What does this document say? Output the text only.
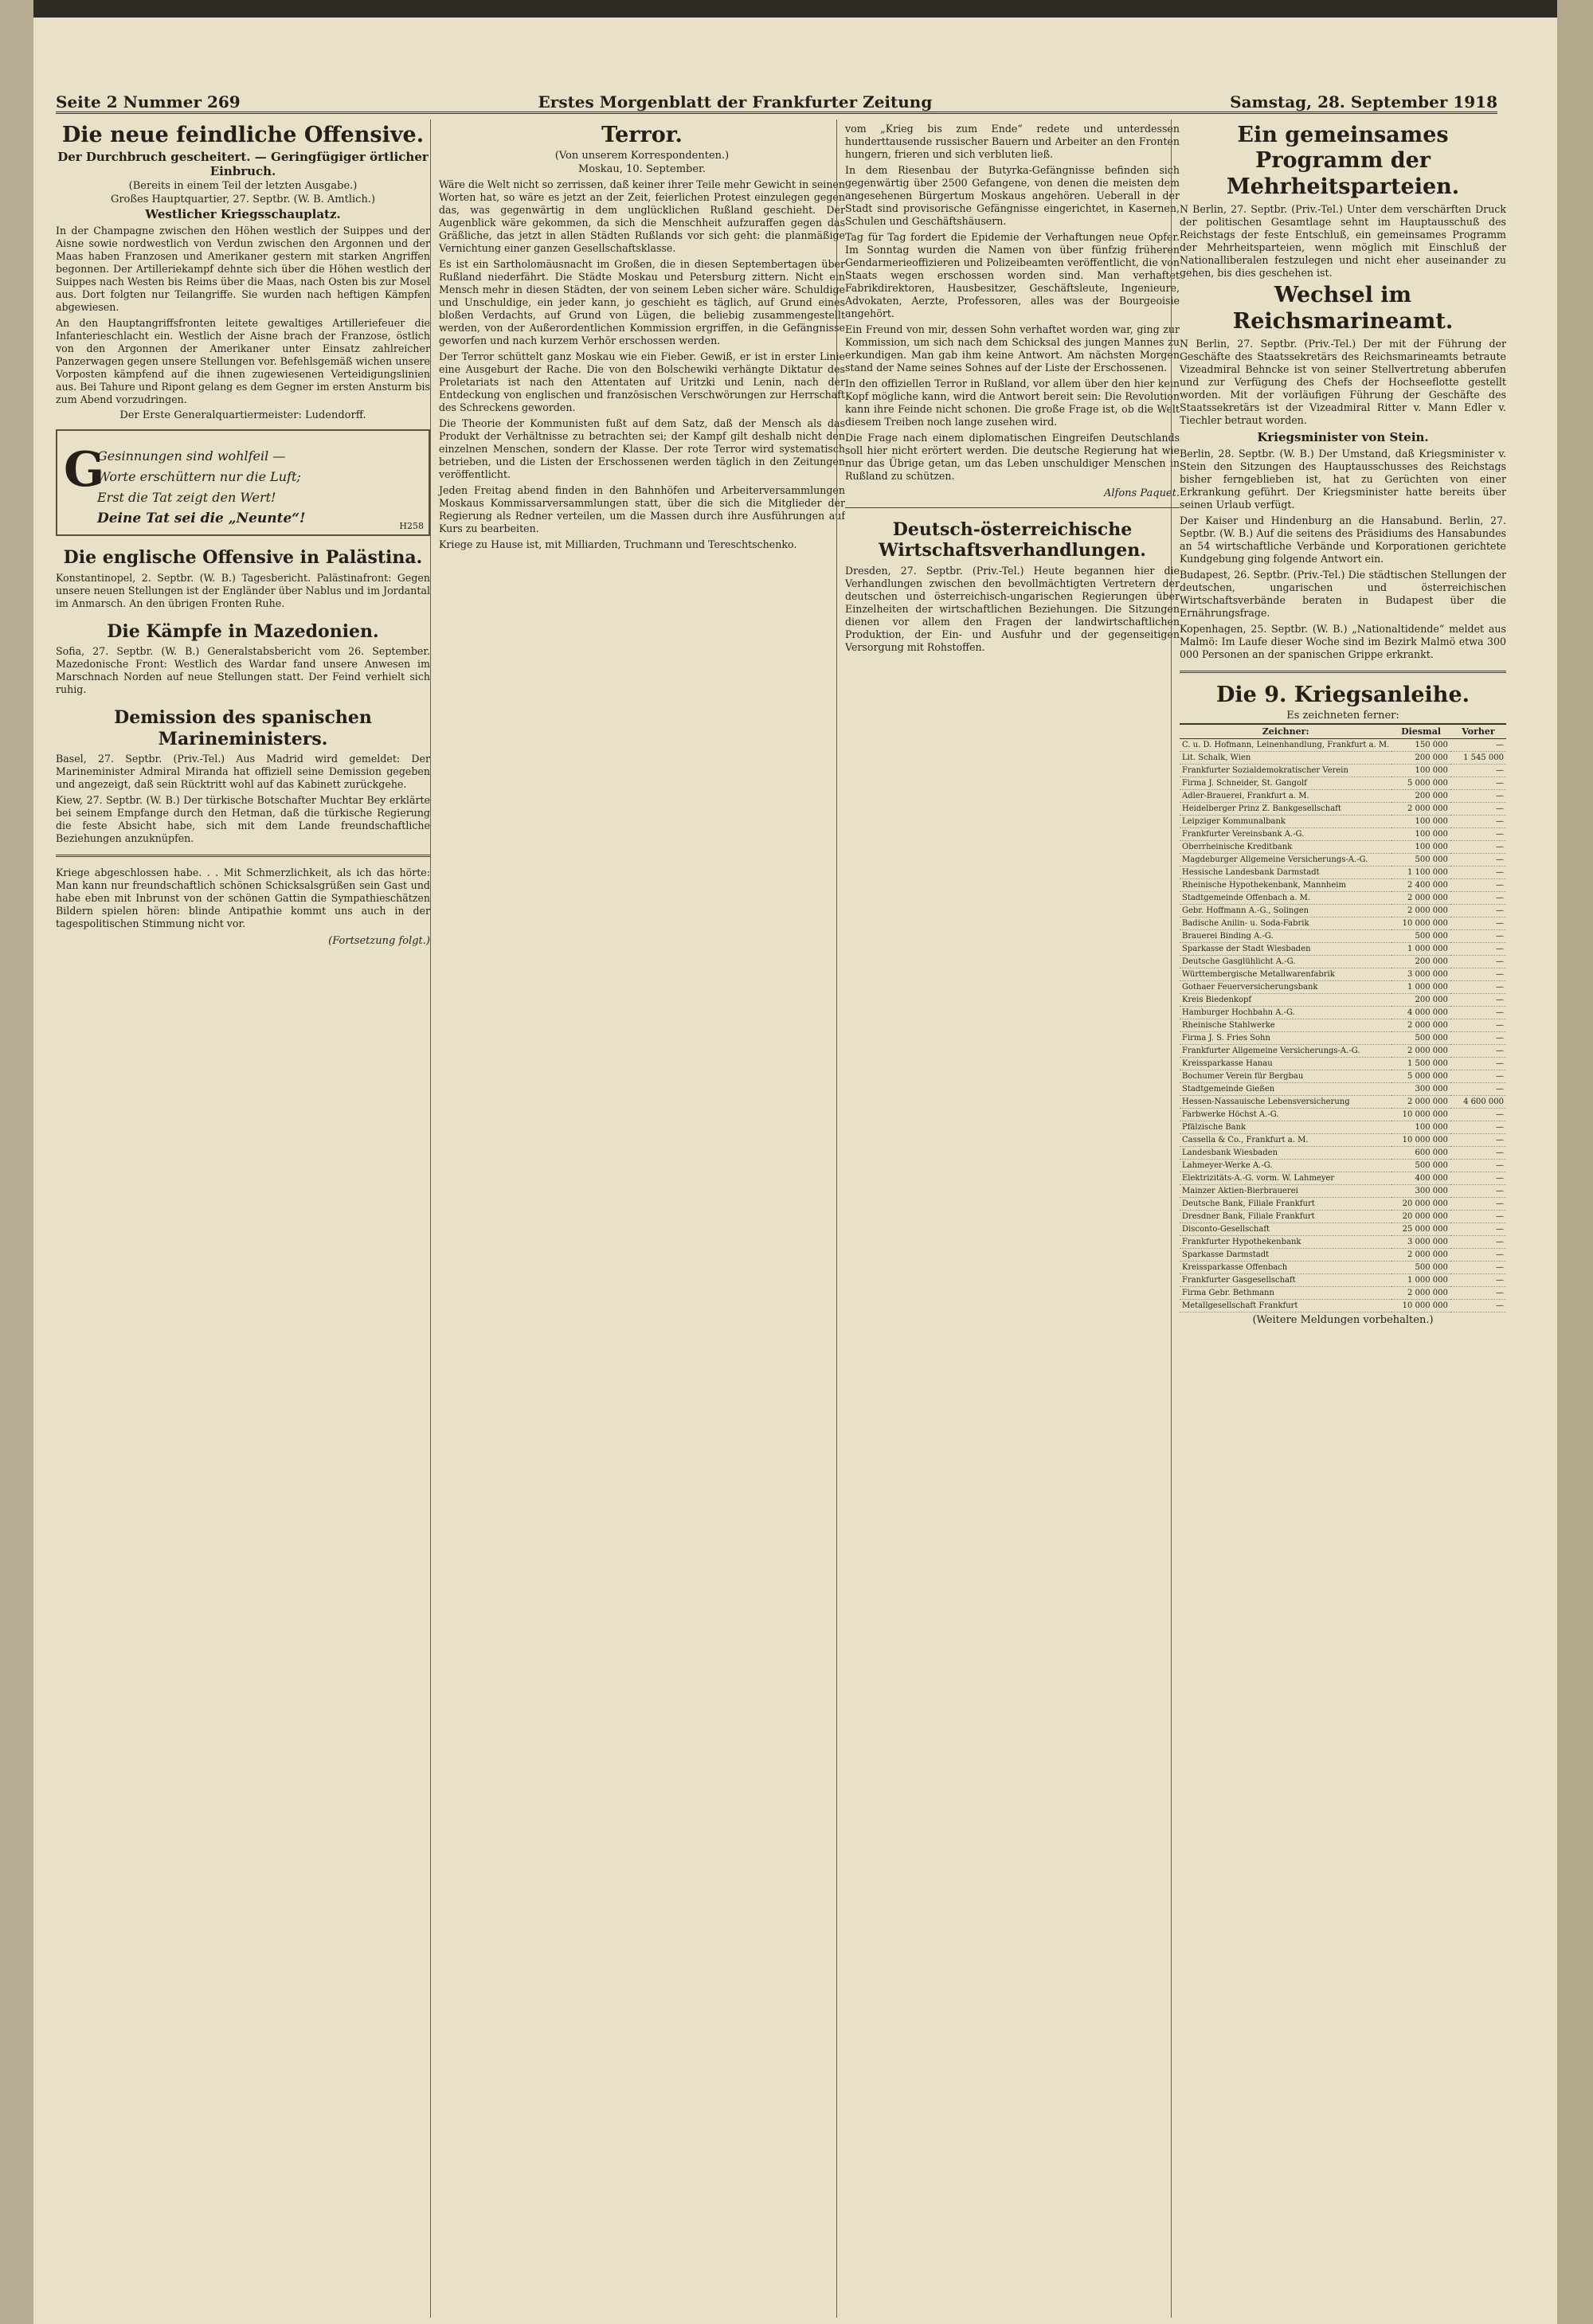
Seite 2 Nummer 269	Erstes Morgenblatt der Frankfurter Zeitung	Samstag, 28. September 1918
Die neue feindliche Offensive.
Der Durchbruch gescheitert. — Geringfügiger örtlicher Einbruch.
(Bereits in einem Teil der letzten Ausgabe.)
Großes Hauptquartier, 27. Septbr. (W. B. Amtlich.)
Westlicher Kriegsschauplatz.

In der Champagne zwischen den Höhen westlich der Suippes und der Aisne sowie nordwestlich von Verdun zwischen den Argonnen und der Maas haben Franzosen und Amerikaner gestern mit starken Angriffen begonnen. Der Artilleriekampf dehnte sich über die Höhen westlich der Suippes nach Westen bis Reims über die Maas, nach Osten bis zur Mosel aus. Dort folgten nur Teilangriffe. Sie wurden nach heftigen Kämpfen abgewiesen.

An den Hauptangriffsfronten leitete gewaltiges Artilleriefeuer die Infanterieschlacht ein. Westlich der Aisne brach der Franzose, östlich von den Argonnen der Amerikaner unter Einsatz zahlreicher Panzerwagen gegen unsere Stellungen vor. Befehlsgemäß wichen unsere Vorposten kämpfend auf die ihnen zugewiesenen Verteidigungslinien aus. Bei Tahure und Ripont gelang es dem Gegner im ersten Ansturm bis zum Abend vorzudringen.

Der Erste Generalquartiermeister: Ludendorff.
G
Gesinnungen sind wohlfeil —
Worte erschüttern nur die Luft;
Erst die Tat zeigt den Wert!
Deine Tat sei die „Neunte“!	H258
Die englische Offensive in Palästina.

Konstantinopel, 2. Septbr. (W. B.) Tagesbericht. Palästinafront: Gegen unsere neuen Stellungen ist der Engländer über Nablus und im Jordantal im Anmarsch. An den übrigen Fronten Ruhe.

Die Kämpfe in Mazedonien.

Sofia, 27. Septbr. (W. B.) Generalstabsbericht vom 26. September. Mazedonische Front: Westlich des Wardar fand unsere Anwesen im Marschnach Norden auf neue Stellungen statt. Der Feind verhielt sich ruhig.

Demission des spanischen Marineministers.

Basel, 27. Septbr. (Priv.-Tel.) Aus Madrid wird gemeldet: Der Marineminister Admiral Miranda hat offiziell seine Demission gegeben und angezeigt, daß sein Rücktritt wohl auf das Kabinett zurückgehe.

Kiew, 27. Septbr. (W. B.) Der türkische Botschafter Muchtar Bey erklärte bei seinem Empfange durch den Hetman, daß die türkische Regierung die feste Absicht habe, sich mit dem Lande freundschaftliche Beziehungen anzuknüpfen.

Kriege abgeschlossen habe. . . Mit Schmerzlichkeit, als ich das hörte: Man kann nur freundschaftlich schönen Schicksalsgrüßen sein Gast und habe eben mit Inbrunst von der schönen Gattin die Sympathieschätzen Bildern spielen hören: blinde Antipathie kommt uns auch in der tagespolitischen Stimmung nicht vor.

(Fortsetzung folgt.)
Terror.
(Von unserem Korrespondenten.)
Moskau, 10. September.

Wäre die Welt nicht so zerrissen, daß keiner ihrer Teile mehr Gewicht in seinen Worten hat, so wäre es jetzt an der Zeit, feierlichen Protest einzulegen gegen das, was gegenwärtig in dem unglücklichen Rußland geschieht. Der Augenblick wäre gekommen, da sich die Menschheit aufzuraffen gegen das Gräßliche, das jetzt in allen Städten Rußlands vor sich geht: die planmäßige Vernichtung einer ganzen Gesellschaftsklasse.

Es ist ein Sartholomäusnacht im Großen, die in diesen Septembertagen über Rußland niederfährt. Die Städte Moskau und Petersburg zittern. Nicht ein Mensch mehr in diesen Städten, der von seinem Leben sicher wäre. Schuldige und Unschuldige, ein jeder kann, jo geschieht es täglich, auf Grund eines bloßen Verdachts, auf Grund von Lügen, die beliebig zusammengestellt werden, von der Außerordentlichen Kommission ergriffen, in die Gefängnisse geworfen und nach kurzem Verhör erschossen werden.

Der Terror schüttelt ganz Moskau wie ein Fieber. Gewiß, er ist in erster Linie eine Ausgeburt der Rache. Die von den Bolschewiki verhängte Diktatur des Proletariats ist nach den Attentaten auf Uritzki und Lenin, nach der Entdeckung von englischen und französischen Verschwörungen zur Herrschaft des Schreckens geworden.

Die Theorie der Kommunisten fußt auf dem Satz, daß der Mensch als das Produkt der Verhältnisse zu betrachten sei; der Kampf gilt deshalb nicht den einzelnen Menschen, sondern der Klasse. Der rote Terror wird systematisch betrieben, und die Listen der Erschossenen werden täglich in den Zeitungen veröffentlicht.

Jeden Freitag abend finden in den Bahnhöfen und Arbeiterversammlungen Moskaus Kommissarversammlungen statt, über die sich die Mitglieder der Regierung als Redner verteilen, um die Massen durch ihre Ausführungen auf Kurs zu bearbeiten.

Kriege zu Hause ist, mit Milliarden, Truchmann und Tereschtschenko.

vom „Krieg bis zum Ende“ redete und unterdessen hunderttausende russischer Bauern und Arbeiter an den Fronten hungern, frieren und sich verbluten ließ.

In dem Riesenbau der Butyrka-Gefängnisse befinden sich gegenwärtig über 2500 Gefangene, von denen die meisten dem angesehenen Bürgertum Moskaus angehören. Ueberall in der Stadt sind provisorische Gefängnisse eingerichtet, in Kasernen, Schulen und Geschäftshäusern.

Tag für Tag fordert die Epidemie der Verhaftungen neue Opfer. Im Sonntag wurden die Namen von über fünfzig früheren Gendarmerieoffizieren und Polizeibeamten veröffentlicht, die von Staats wegen erschossen worden sind. Man verhaftet Fabrikdirektoren, Hausbesitzer, Geschäftsleute, Ingenieure, Advokaten, Aerzte, Professoren, alles was der Bourgeoisie angehört.

Ein Freund von mir, dessen Sohn verhaftet worden war, ging zur Kommission, um sich nach dem Schicksal des jungen Mannes zu erkundigen. Man gab ihm keine Antwort. Am nächsten Morgen stand der Name seines Sohnes auf der Liste der Erschossenen.

In den offiziellen Terror in Rußland, vor allem über den hier kein Kopf mögliche kann, wird die Antwort bereit sein: Die Revolution kann ihre Feinde nicht schonen. Die große Frage ist, ob die Welt diesem Treiben noch lange zusehen wird.

Die Frage nach einem diplomatischen Eingreifen Deutschlands soll hier nicht erörtert werden. Die deutsche Regierung hat wie nur das Übrige getan, um das Leben unschuldiger Menschen in Rußland zu schützen.

Alfons Paquet.
Deutsch-österreichische Wirtschaftsverhandlungen.

Dresden, 27. Septbr. (Priv.-Tel.) Heute begannen hier die Verhandlungen zwischen den bevollmächtigten Vertretern der deutschen und österreichisch-ungarischen Regierungen über Einzelheiten der wirtschaftlichen Beziehungen. Die Sitzungen dienen vor allem den Fragen der landwirtschaftlichen Produktion, der Ein- und Ausfuhr und der gegenseitigen Versorgung mit Rohstoffen.

Ein gemeinsames Programm der Mehrheitsparteien.

N Berlin, 27. Septbr. (Priv.-Tel.) Unter dem verschärften Druck der politischen Gesamtlage sehnt im Hauptausschuß des Reichstags der feste Entschluß, ein gemeinsames Programm der Mehrheitsparteien, wenn möglich mit Einschluß der Nationalliberalen festzulegen und nicht eher auseinander zu gehen, bis dies geschehen ist.

Wechsel im Reichsmarineamt.

N Berlin, 27. Septbr. (Priv.-Tel.) Der mit der Führung der Geschäfte des Staatssekretärs des Reichsmarineamts betraute Vizeadmiral Behncke ist von seiner Stellvertretung abberufen und zur Verfügung des Chefs der Hochseeflotte gestellt worden. Mit der vorläufigen Führung der Geschäfte des Staatssekretärs ist der Vizeadmiral Ritter v. Mann Edler v. Tiechler betraut worden.

Kriegsminister von Stein.

Berlin, 28. Septbr. (W. B.) Der Umstand, daß Kriegsminister v. Stein den Sitzungen des Hauptausschusses des Reichstags bisher ferngeblieben ist, hat zu Gerüchten von einer Erkrankung geführt. Der Kriegsminister hatte bereits über seinen Urlaub verfügt.

Der Kaiser und Hindenburg an die Hansabund. Berlin, 27. Septbr. (W. B.) Auf die seitens des Präsidiums des Hansabundes an 54 wirtschaftliche Verbände und Korporationen gerichtete Kundgebung ging folgende Antwort ein.

Budapest, 26. Septbr. (Priv.-Tel.) Die städtischen Stellungen der deutschen, ungarischen und österreichischen Wirtschaftsverbände beraten in Budapest über die Ernährungsfrage.

Kopenhagen, 25. Septbr. (W. B.) „Nationaltidende“ meldet aus Malmö: Im Laufe dieser Woche sind im Bezirk Malmö etwa 300 000 Personen an der spanischen Grippe erkrankt.

Die 9. Kriegsanleihe.
Es zeichneten ferner:
Zeichner:	Diesmal	Vorher
C. u. D. Hofmann, Leinenhandlung, Frankfurt a. M.	150 000	—
Lit. Schalk, Wien	200 000	1 545 000
Frankfurter Sozialdemokratischer Verein	100 000	—
Firma J. Schneider, St. Gangolf	5 000 000	—
Adler-Brauerei, Frankfurt a. M.	200 000	—
Heidelberger Prinz Z. Bankgesellschaft	2 000 000	—
Leipziger Kommunalbank	100 000	—
Frankfurter Vereinsbank A.-G.	100 000	—
Oberrheinische Kreditbank	100 000	—
Magdeburger Allgemeine Versicherungs-A.-G.	500 000	—
Hessische Landesbank Darmstadt	1 100 000	—
Rheinische Hypothekenbank, Mannheim	2 400 000	—
Stadtgemeinde Offenbach a. M.	2 000 000	—
Gebr. Hoffmann A.-G., Solingen	2 000 000	—
Badische Anilin- u. Soda-Fabrik	10 000 000	—
Brauerei Binding A.-G.	500 000	—
Sparkasse der Stadt Wiesbaden	1 000 000	—
Deutsche Gasglühlicht A.-G.	200 000	—
Württembergische Metallwarenfabrik	3 000 000	—
Gothaer Feuerversicherungsbank	1 000 000	—
Kreis Biedenkopf	200 000	—
Hamburger Hochbahn A.-G.	4 000 000	—
Rheinische Stahlwerke	2 000 000	—
Firma J. S. Fries Sohn	500 000	—
Frankfurter Allgemeine Versicherungs-A.-G.	2 000 000	—
Kreissparkasse Hanau	1 500 000	—
Bochumer Verein für Bergbau	5 000 000	—
Stadtgemeinde Gießen	300 000	—
Hessen-Nassauische Lebensversicherung	2 000 000	4 600 000
Farbwerke Höchst A.-G.	10 000 000	—
Pfälzische Bank	100 000	—
Cassella & Co., Frankfurt a. M.	10 000 000	—
Landesbank Wiesbaden	600 000	—
Lahmeyer-Werke A.-G.	500 000	—
Elektrizitäts-A.-G. vorm. W. Lahmeyer	400 000	—
Mainzer Aktien-Bierbrauerei	300 000	—
Deutsche Bank, Filiale Frankfurt	20 000 000	—
Dresdner Bank, Filiale Frankfurt	20 000 000	—
Disconto-Gesellschaft	25 000 000	—
Frankfurter Hypothekenbank	3 000 000	—
Sparkasse Darmstadt	2 000 000	—
Kreissparkasse Offenbach	500 000	—
Frankfurter Gasgesellschaft	1 000 000	—
Firma Gebr. Bethmann	2 000 000	—
Metallgesellschaft Frankfurt	10 000 000	—
(Weitere Meldungen vorbehalten.)
